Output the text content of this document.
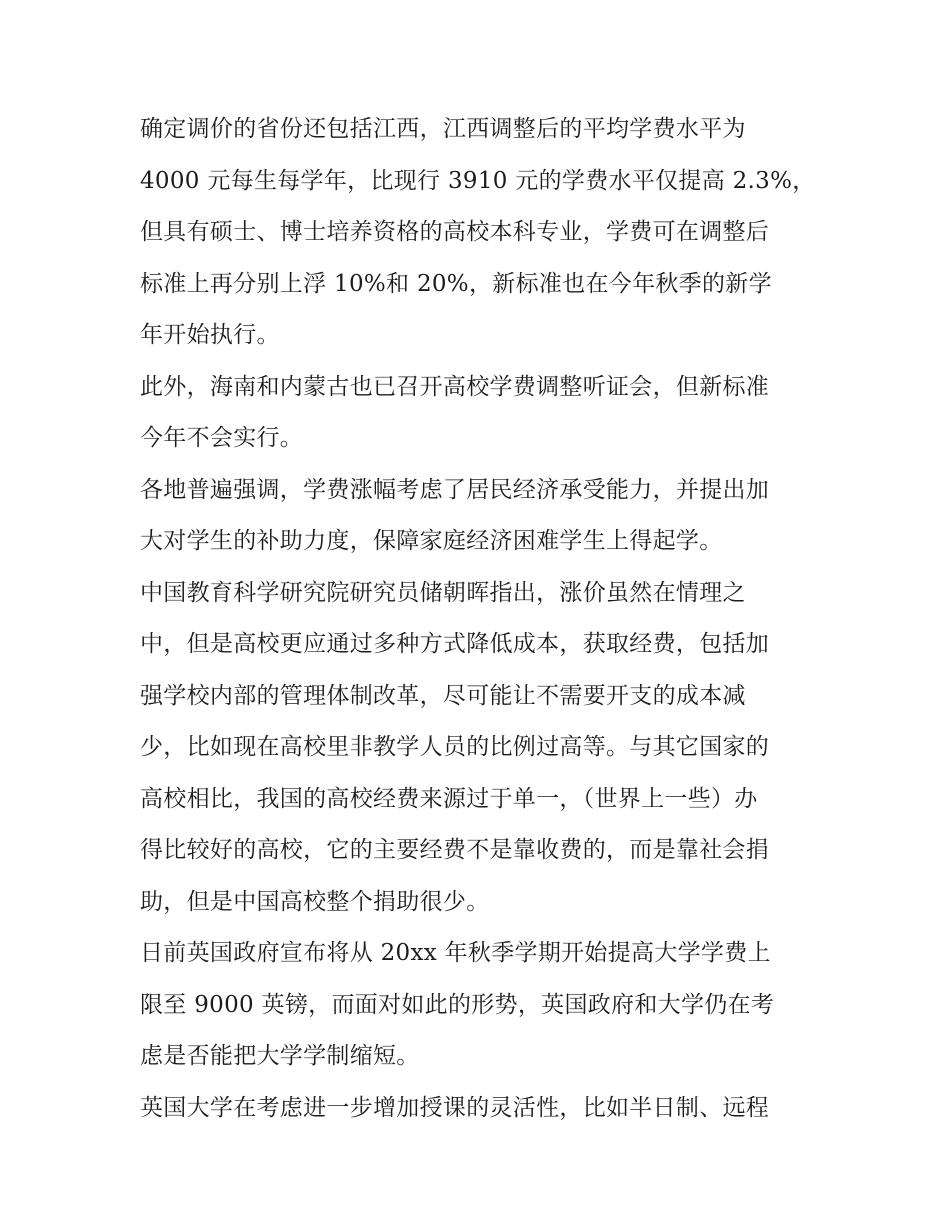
确定调价的省份还包括江西，江西调整后的平均学费水平为
4000 元每生每学年，比现行 3910 元的学费水平仅提高 2.3%，
但具有硕士、博士培养资格的高校本科专业，学费可在调整后
标准上再分别上浮 10%和 20%，新标准也在今年秋季的新学
年开始执行。
此外，海南和内蒙古也已召开高校学费调整听证会，但新标准
今年不会实行。
各地普遍强调，学费涨幅考虑了居民经济承受能力，并提出加
大对学生的补助力度，保障家庭经济困难学生上得起学。
中国教育科学研究院研究员储朝晖指出，涨价虽然在情理之
中，但是高校更应通过多种方式降低成本，获取经费，包括加
强学校内部的管理体制改革，尽可能让不需要开支的成本减
少，比如现在高校里非教学人员的比例过高等。与其它国家的
高校相比，我国的高校经费来源过于单一，（世界上一些）办
得比较好的高校，它的主要经费不是靠收费的，而是靠社会捐
助，但是中国高校整个捐助很少。
日前英国政府宣布将从 20xx 年秋季学期开始提高大学学费上
限至 9000 英镑，而面对如此的形势，英国政府和大学仍在考
虑是否能把大学学制缩短。
英国大学在考虑进一步增加授课的灵活性，比如半日制、远程
